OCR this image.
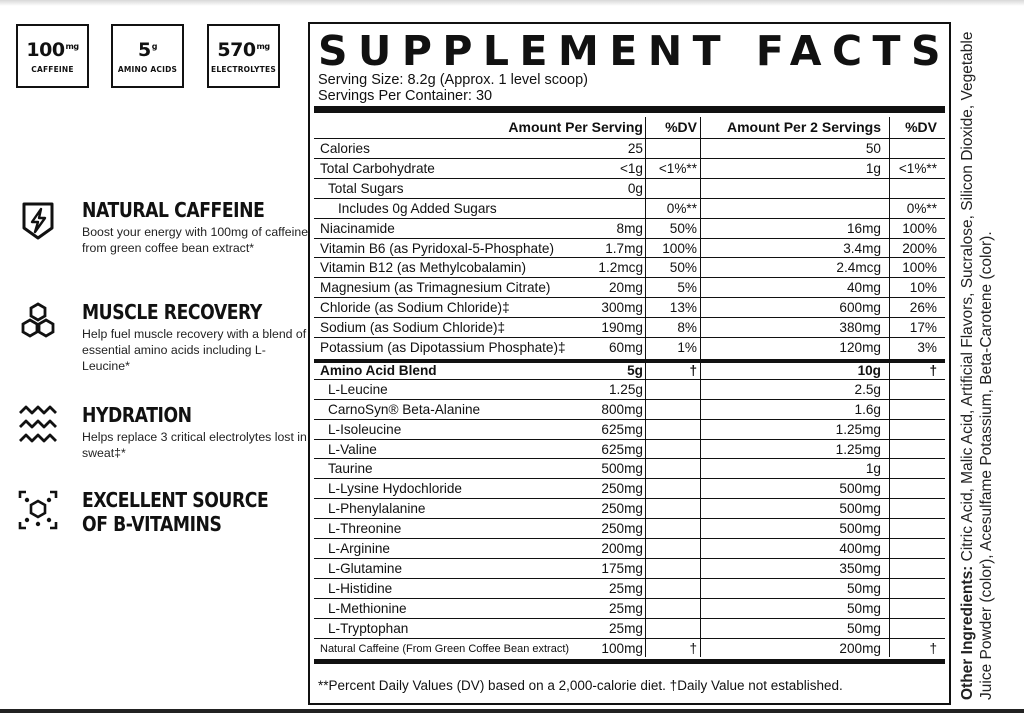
$100^{mg}$
CAFFEINE
5$^g$
AMINO ACIDS
$570^{mg}$
ELECTROLYTES
NATURAL CAFFEINE
Boost your energy with 100mg of caffeine from green coffee bean extract*
MUSCLE RECOVERY
Help fuel muscle recovery with a blend of essential amino acids including L-Leucine*
HYDRATION
Helps replace 3 critical electrolytes lost in sweat‡*
EXCELLENT SOURCE OF B-VITAMINS
SUPPLEMENT FACTS
Serving Size: 8.2g (Approx. 1 level scoop)
Servings Per Container: 30
Amount Per Serving %DV Amount Per 2 Servings %DV
Calories	25	50
Total Carbohydrate	<1g <1%**	1g <1%**
Total Sugars	0g
Includes 0g Added Sugars	0%**	0%**
Niacinamide	8mg 50%	16mg 100%
Vitamin B6 (as Pyridoxal-5-Phosphate)	1.7mg 100%	3.4mg 200%
Vitamin B12 (as Methylcobalamin)	1.2mcg 50%	2.4mcg 100%
Magnesium (as Trimagnesium Citrate)	20mg	5%	40mg 10%
Chloride (as Sodium Chloride)‡	300mg 13%	600mg 26%
Sodium (as Sodium Chloride)‡	190mg	8%	380mg 17%
Potassium (as Dipotassium Phosphate)‡	60mg	1%	120mg	3%
Amino Acid Blend	5g	†	10g	†
L-Leucine	1.25g	2.5g
CarnoSyn® Beta-Alanine	800mg	1.6g
L-Isoleucine	625mg	1.25mg
L-Valine	625mg	1.25mg
Taurine	500mg	1g
L-Lysine Hydochloride	250mg	500mg
L-Phenylalanine	250mg	500mg
L-Threonine	250mg	500mg
L-Arginine	200mg	400mg
L-Glutamine	175mg	350mg
L-Histidine	25mg	50mg
L-Methionine	25mg	50mg
L-Tryptophan	25mg	50mg
Natural Caffeine (From Green Coffee Bean extract) 100mg	†	200mg	†
**Percent Daily Values (DV) based on a 2,000-calorie diet. †Daily Value not established.	Other Ingredients: Citric Acid, Malic Acid, Artificial Flavors, Sucralose, Silicon Dioxide, Vegetable Juice Powder (color), Acesulfame Potassium, Beta-Carotene (color).
